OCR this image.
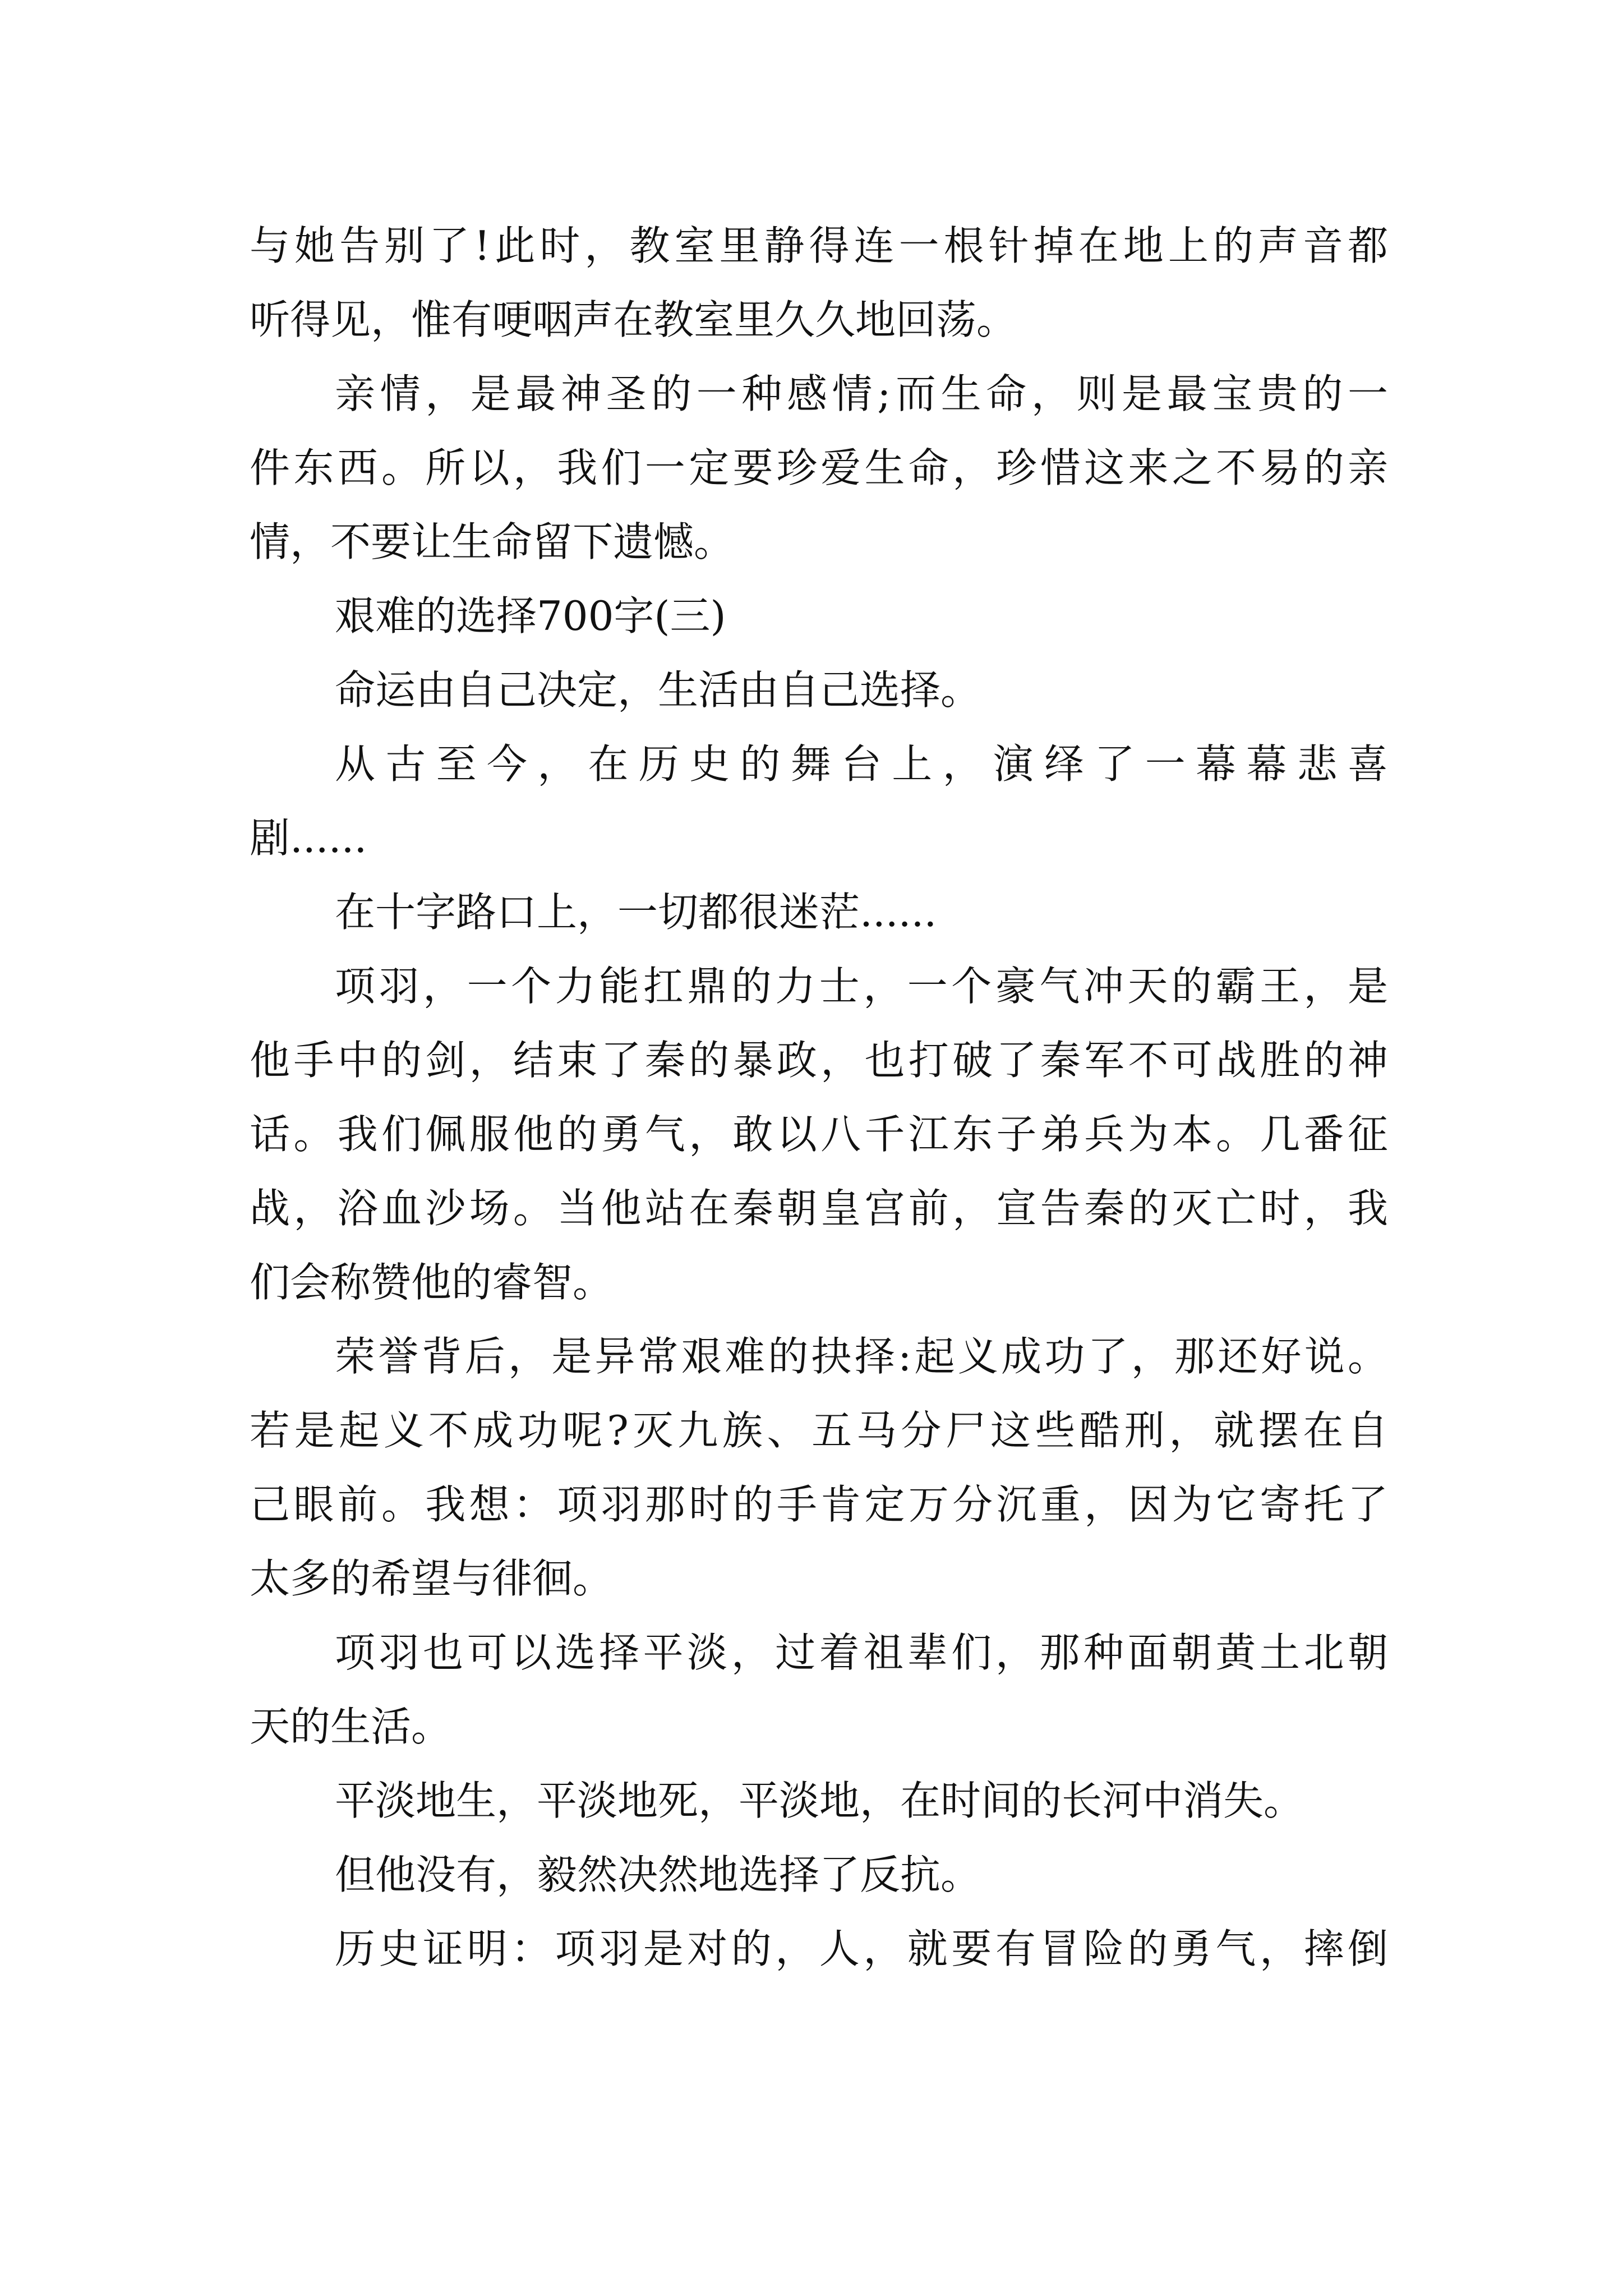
与她告别了!此时，教室里静得连一根针掉在地上的声音都
听得见，惟有哽咽声在教室里久久地回荡。
亲情，是最神圣的一种感情;而生命，则是最宝贵的一
件东西。所以，我们一定要珍爱生命，珍惜这来之不易的亲
情，不要让生命留下遗憾。
艰难的选择700字(三)
命运由自己决定，生活由自己选择。
从古至今，在历史的舞台上，演绎了一幕幕悲喜
剧......
在十字路口上，一切都很迷茫......
项羽，一个力能扛鼎的力士，一个豪气冲天的霸王，是
他手中的剑，结束了秦的暴政，也打破了秦军不可战胜的神
话。我们佩服他的勇气，敢以八千江东子弟兵为本。几番征
战，浴血沙场。当他站在秦朝皇宫前，宣告秦的灭亡时，我
们会称赞他的睿智。
荣誉背后，是异常艰难的抉择:起义成功了，那还好说。
若是起义不成功呢?灭九族、五马分尸这些酷刑，就摆在自
己眼前。我想：项羽那时的手肯定万分沉重，因为它寄托了
太多的希望与徘徊。
项羽也可以选择平淡，过着祖辈们，那种面朝黄土北朝
天的生活。
平淡地生，平淡地死，平淡地，在时间的长河中消失。
但他没有，毅然决然地选择了反抗。
历史证明：项羽是对的，人，就要有冒险的勇气，摔倒
